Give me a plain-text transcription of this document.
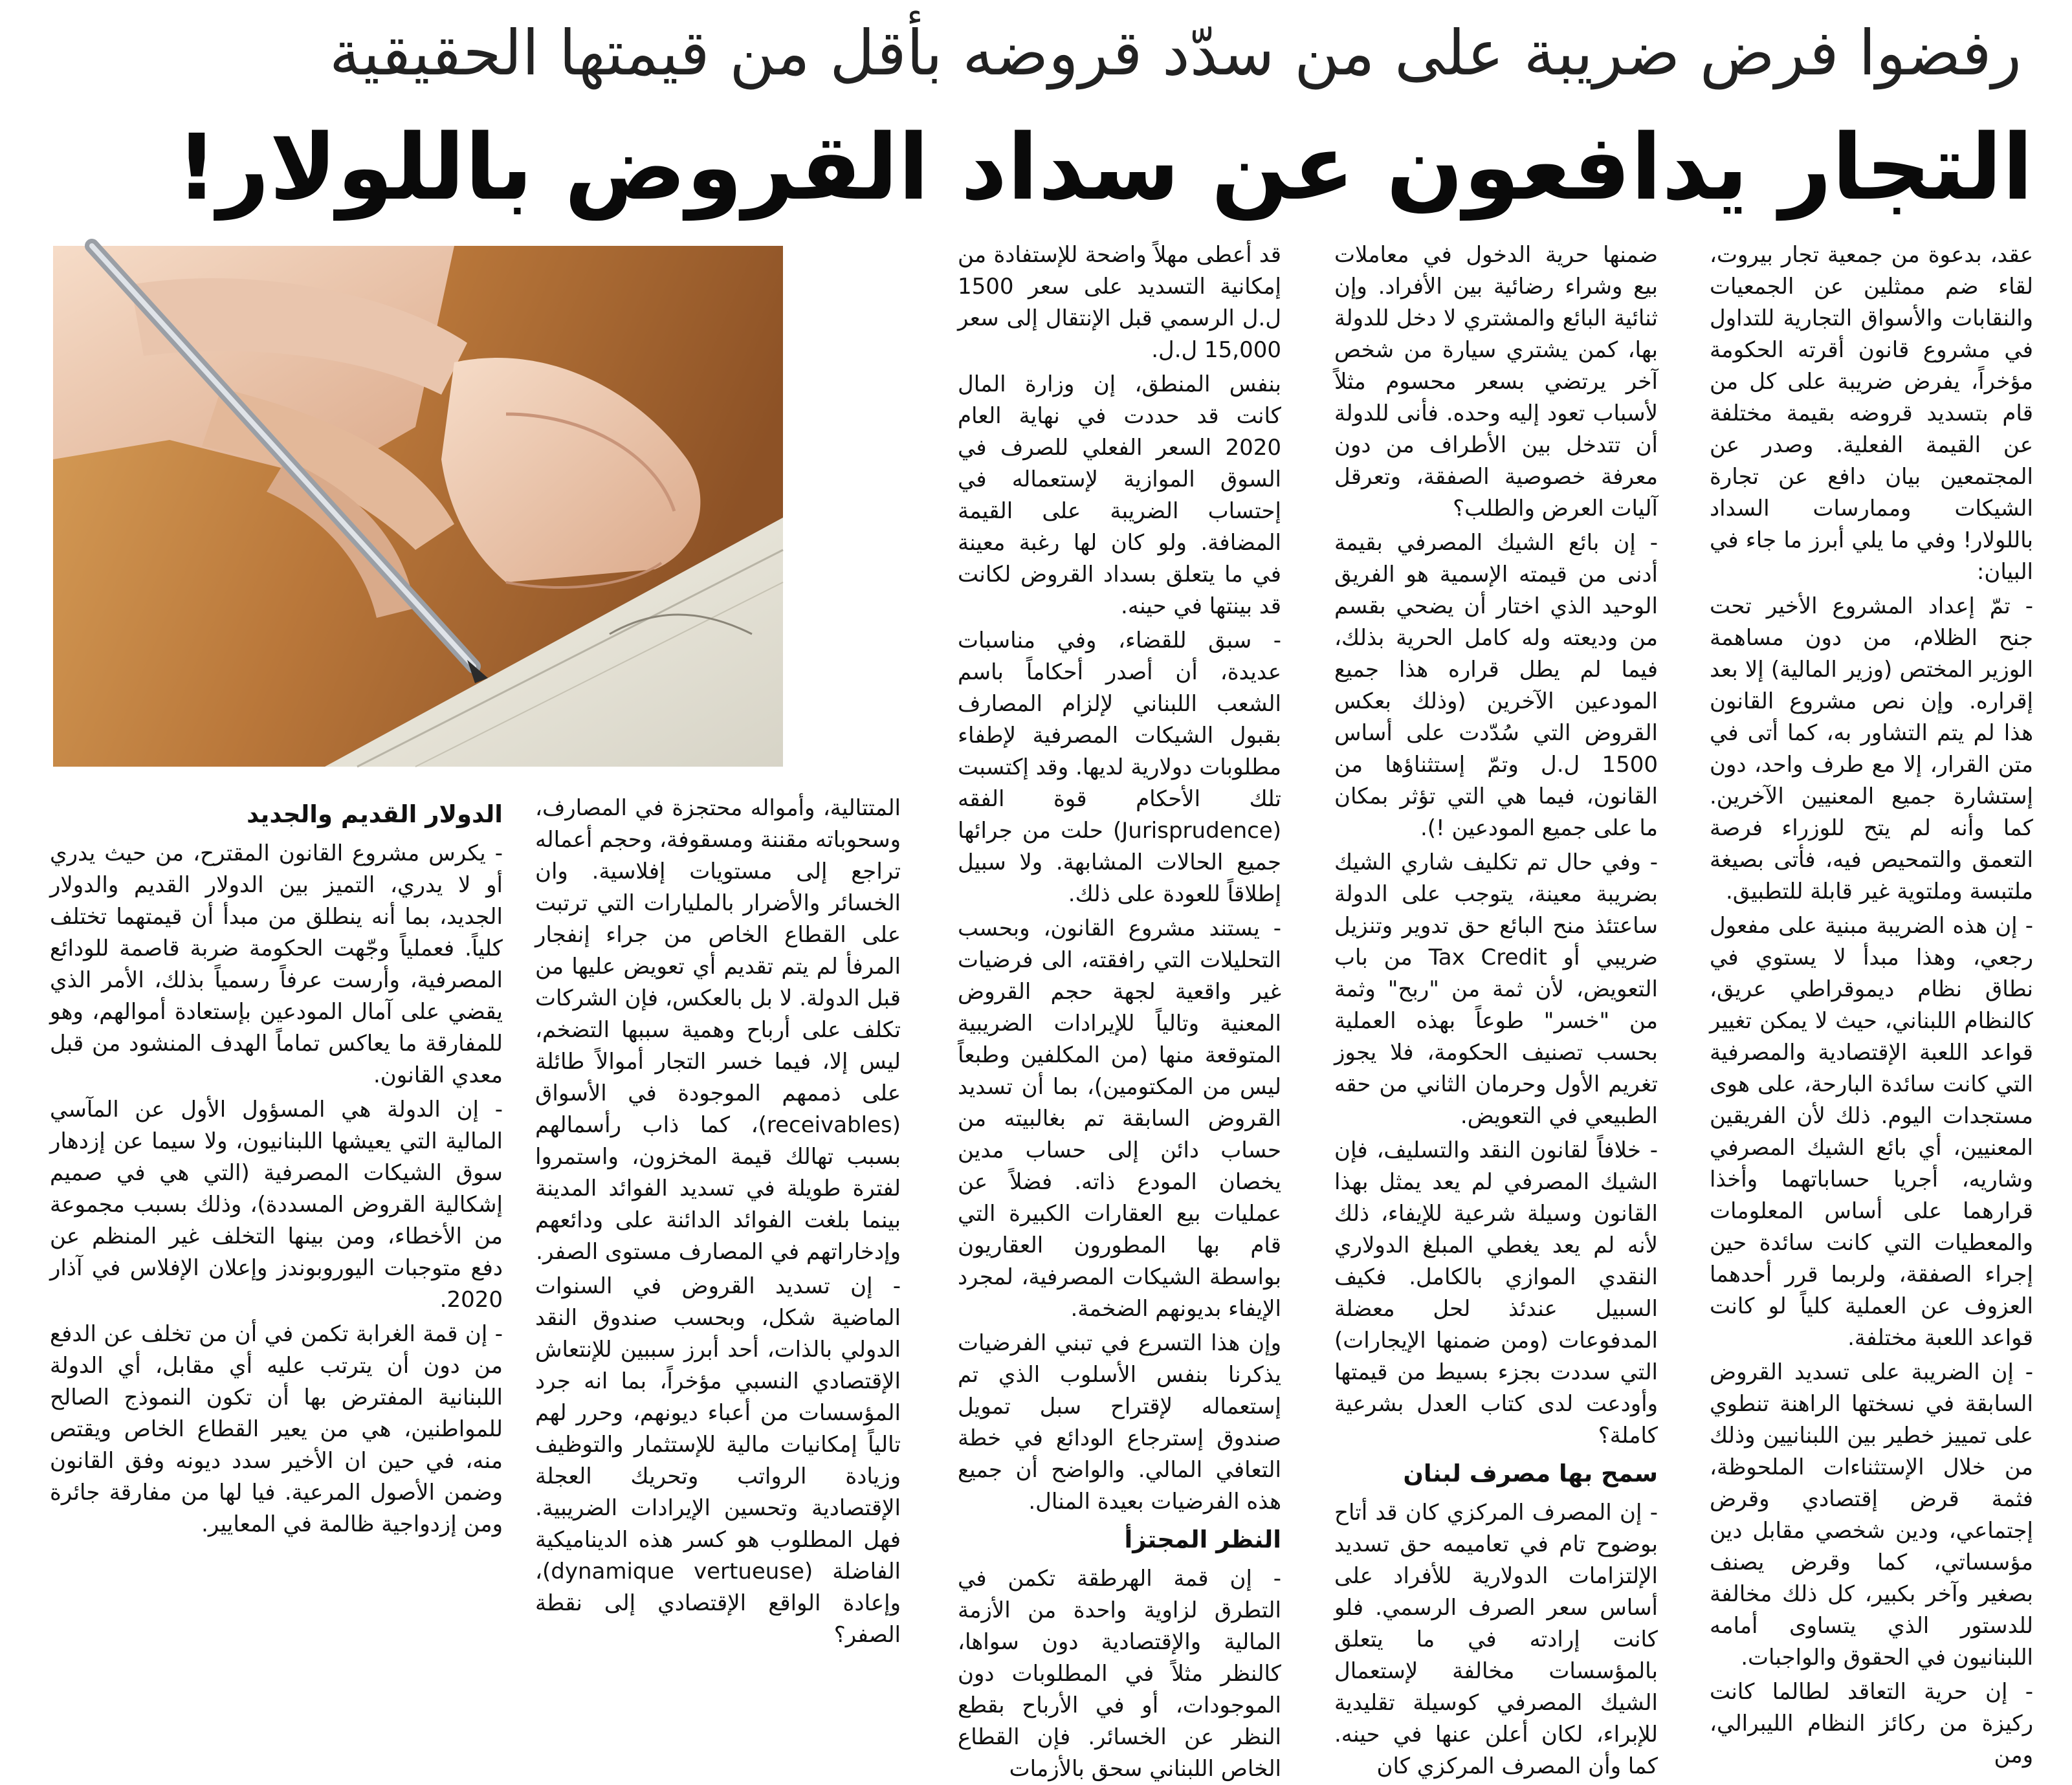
رفضوا فرض ضريبة على من سدّد قروضه بأقل من قيمتها الحقيقية
التجار يدافعون عن سداد القروض باللولار!

عقد، بدعوة من جمعية تجار بيروت، لقاء ضم ممثلين عن الجمعيات والنقابات والأسواق التجارية للتداول في مشروع قانون أقرته الحكومة مؤخراً، يفرض ضريبة على كل من قام بتسديد قروضه بقيمة مختلفة عن القيمة الفعلية. وصدر عن المجتمعين بيان دافع عن تجارة الشيكات وممارسات السداد باللولار! وفي ما يلي أبرز ما جاء في البيان:

- تمّ إعداد المشروع الأخير تحت جنح الظلام، من دون مساهمة الوزير المختص (وزير المالية) إلا بعد إقراره. وإن نص مشروع القانون هذا لم يتم التشاور به، كما أتى في متن القرار، إلا مع طرف واحد، دون إستشارة جميع المعنيين الآخرين. كما وأنه لم يتح للوزراء فرصة التعمق والتمحيص فيه، فأتى بصيغة ملتبسة وملتوية غير قابلة للتطبيق.

- إن هذه الضريبة مبنية على مفعول رجعي، وهذا مبدأ لا يستوي في نطاق نظام ديموقراطي عريق، كالنظام اللبناني، حيث لا يمكن تغيير قواعد اللعبة الإقتصادية والمصرفية التي كانت سائدة البارحة، على هوى مستجدات اليوم. ذلك لأن الفريقين المعنيين، أي بائع الشيك المصرفي وشاريه، أجريا حساباتهما وأخذا قرارهما على أساس المعلومات والمعطيات التي كانت سائدة حين إجراء الصفقة، ولربما قرر أحدهما العزوف عن العملية كلياً لو كانت قواعد اللعبة مختلفة.

- إن الضريبة على تسديد القروض السابقة في نسختها الراهنة تنطوي على تمييز خطير بين اللبنانيين وذلك من خلال الإستثناءات الملحوظة، فثمة قرض إقتصادي وقرض إجتماعي، ودين شخصي مقابل دين مؤسساتي، كما وقرض يصنف بصغير وآخر بكبير، كل ذلك مخالفة للدستور الذي يتساوى أمامه اللبنانيون في الحقوق والواجبات.

- إن حرية التعاقد لطالما كانت ركيزة من ركائز النظام الليبرالي، ومن

ضمنها حرية الدخول في معاملات بيع وشراء رضائية بين الأفراد. وإن ثنائية البائع والمشتري لا دخل للدولة بها، كمن يشتري سيارة من شخص آخر يرتضي بسعر محسوم مثلاً لأسباب تعود إليه وحده. فأنى للدولة أن تتدخل بين الأطراف من دون معرفة خصوصية الصفقة، وتعرقل آليات العرض والطلب؟

- إن بائع الشيك المصرفي بقيمة أدنى من قيمته الإسمية هو الفريق الوحيد الذي اختار أن يضحي بقسم من وديعته وله كامل الحرية بذلك، فيما لم يطل قراره هذا جميع المودعين الآخرين (وذلك بعكس القروض التي سُدّدت على أساس 1500 ل.ل وتمّ إستثناؤها من القانون، فيما هي التي تؤثر بمكان ما على جميع المودعين !).

- وفي حال تم تكليف شاري الشيك بضريبة معينة، يتوجب على الدولة ساعتئذ منح البائع حق تدوير وتنزيل ضريبي أو Tax Credit من باب التعويض، لأن ثمة من "ربح" وثمة من "خسر" طوعاً بهذه العملية بحسب تصنيف الحكومة، فلا يجوز تغريم الأول وحرمان الثاني من حقه الطبيعي في التعويض.

- خلافاً لقانون النقد والتسليف، فإن الشيك المصرفي لم يعد يمثل بهذا القانون وسيلة شرعية للإيفاء، ذلك لأنه لم يعد يغطي المبلغ الدولاري النقدي الموازي بالكامل. فكيف السبيل عندئذ لحل معضلة المدفوعات (ومن ضمنها الإيجارات) التي سددت بجزء بسيط من قيمتها وأودعت لدى كتاب العدل بشرعية كاملة؟

سمح بها مصرف لبنان

- إن المصرف المركزي كان قد أتاح بوضوح تام في تعاميمه حق تسديد الإلتزامات الدولارية للأفراد على أساس سعر الصرف الرسمي. فلو كانت إرادته في ما يتعلق بالمؤسسات مخالفة لإستعمال الشيك المصرفي كوسيلة تقليدية للإبراء، لكان أعلن عنها في حينه. كما وأن المصرف المركزي كان

قد أعطى مهلاً واضحة للإستفادة من إمكانية التسديد على سعر 1500 ل.ل الرسمي قبل الإنتقال إلى سعر 15,000 ل.ل.

بنفس المنطق، إن وزارة المال كانت قد حددت في نهاية العام 2020 السعر الفعلي للصرف في السوق الموازية لإستعماله في إحتساب الضريبة على القيمة المضافة. ولو كان لها رغبة معينة في ما يتعلق بسداد القروض لكانت قد بينتها في حينه.

- سبق للقضاء، وفي مناسبات عديدة، أن أصدر أحكاماً باسم الشعب اللبناني لإلزام المصارف بقبول الشيكات المصرفية لإطفاء مطلوبات دولارية لديها. وقد إكتسبت تلك الأحكام قوة الفقه (Jurisprudence) حلت من جرائها جميع الحالات المشابهة. ولا سبيل إطلاقاً للعودة على ذلك.

- يستند مشروع القانون، وبحسب التحليلات التي رافقته، الى فرضيات غير واقعية لجهة حجم القروض المعنية وتالياً للإيرادات الضريبية المتوقعة منها (من المكلفين وطبعاً ليس من المكتومين)، بما أن تسديد القروض السابقة تم بغالبيته من حساب دائن إلى حساب مدين يخصان المودع ذاته. فضلاً عن عمليات بيع العقارات الكبيرة التي قام بها المطورون العقاريون بواسطة الشيكات المصرفية، لمجرد الإيفاء بديونهم الضخمة.

وإن هذا التسرع في تبني الفرضيات يذكرنا بنفس الأسلوب الذي تم إستعماله لإقتراح سبل تمويل صندوق إسترجاع الودائع في خطة التعافي المالي. والواضح أن جميع هذه الفرضيات بعيدة المنال.

النظر المجتزأ

- إن قمة الهرطقة تكمن في التطرق لزاوية واحدة من الأزمة المالية والإقتصادية دون سواها، كالنظر مثلاً في المطلوبات دون الموجودات، أو في الأرباح بقطع النظر عن الخسائر. فإن القطاع الخاص اللبناني سحق بالأزمات

المتتالية، وأمواله محتجزة في المصارف، وسحوباته مقننة ومسقوفة، وحجم أعماله تراجع إلى مستويات إفلاسية. وان الخسائر والأضرار بالمليارات التي ترتبت على القطاع الخاص من جراء إنفجار المرفأ لم يتم تقديم أي تعويض عليها من قبل الدولة. لا بل بالعكس، فإن الشركات تكلف على أرباح وهمية سببها التضخم، ليس إلا، فيما خسر التجار أموالاً طائلة على ذممهم الموجودة في الأسواق (receivables)، كما ذاب رأسمالهم بسبب تهالك قيمة المخزون، واستمروا لفترة طويلة في تسديد الفوائد المدينة بينما بلغت الفوائد الدائنة على ودائعهم وإدخاراتهم في المصارف مستوى الصفر.

- إن تسديد القروض في السنوات الماضية شكل، وبحسب صندوق النقد الدولي بالذات، أحد أبرز سببين للإنتعاش الإقتصادي النسبي مؤخراً، بما انه جرد المؤسسات من أعباء ديونهم، وحرر لهم تالياً إمكانيات مالية للإستثمار والتوظيف وزيادة الرواتب وتحريك العجلة الإقتصادية وتحسين الإيرادات الضريبية. فهل المطلوب هو كسر هذه الديناميكية الفاضلة (dynamique vertueuse)، وإعادة الواقع الإقتصادي إلى نقطة الصفر؟

الدولار القديم والجديد

- يكرس مشروع القانون المقترح، من حيث يدري أو لا يدري، التميز بين الدولار القديم والدولار الجديد، بما أنه ينطلق من مبدأ أن قيمتهما تختلف كلياً. فعملياً وجّهت الحكومة ضربة قاصمة للودائع المصرفية، وأرست عرفاً رسمياً بذلك، الأمر الذي يقضي على آمال المودعين بإستعادة أموالهم، وهو للمفارقة ما يعاكس تماماً الهدف المنشود من قبل معدي القانون.

- إن الدولة هي المسؤول الأول عن المآسي المالية التي يعيشها اللبنانيون، ولا سيما عن إزدهار سوق الشيكات المصرفية (التي هي في صميم إشكالية القروض المسددة)، وذلك بسبب مجموعة من الأخطاء، ومن بينها التخلف غير المنظم عن دفع متوجبات اليوروبوندز وإعلان الإفلاس في آذار 2020.

- إن قمة الغرابة تكمن في أن من تخلف عن الدفع من دون أن يترتب عليه أي مقابل، أي الدولة اللبنانية المفترض بها أن تكون النموذج الصالح للمواطنين، هي من يعير القطاع الخاص ويقتص منه، في حين ان الأخير سدد ديونه وفق القانون وضمن الأصول المرعية. فيا لها من مفارقة جائرة ومن إزدواجية ظالمة في المعايير.
